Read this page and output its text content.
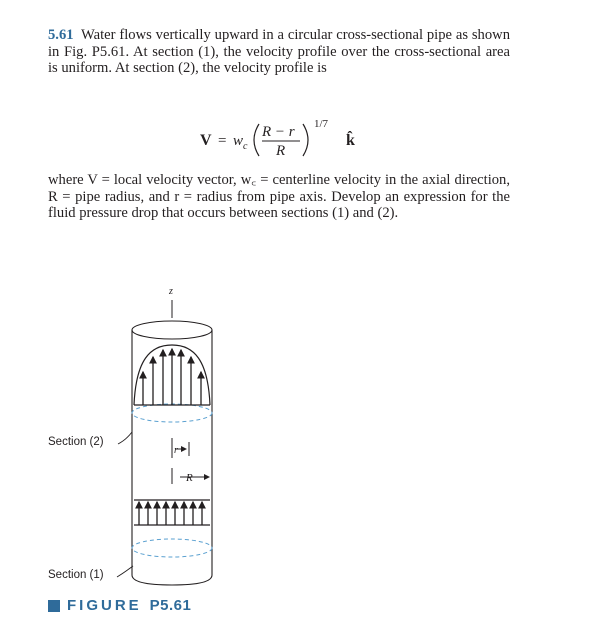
5.61 Water flows vertically upward in a circular cross-sectional pipe as shown in Fig. P5.61. At section (1), the velocity profile over the cross-sectional area is uniform. At section (2), the velocity profile is
V = w c
R − r
R
1/7
k̂
where V = local velocity vector, w꜀ = centerline velocity in the axial direction, R = pipe radius, and r = radius from pipe axis. Develop an expression for the fluid pressure drop that occurs between sections (1) and (2).
r
R
z
Section (2)
Section (1)
FIGURE P5.61
